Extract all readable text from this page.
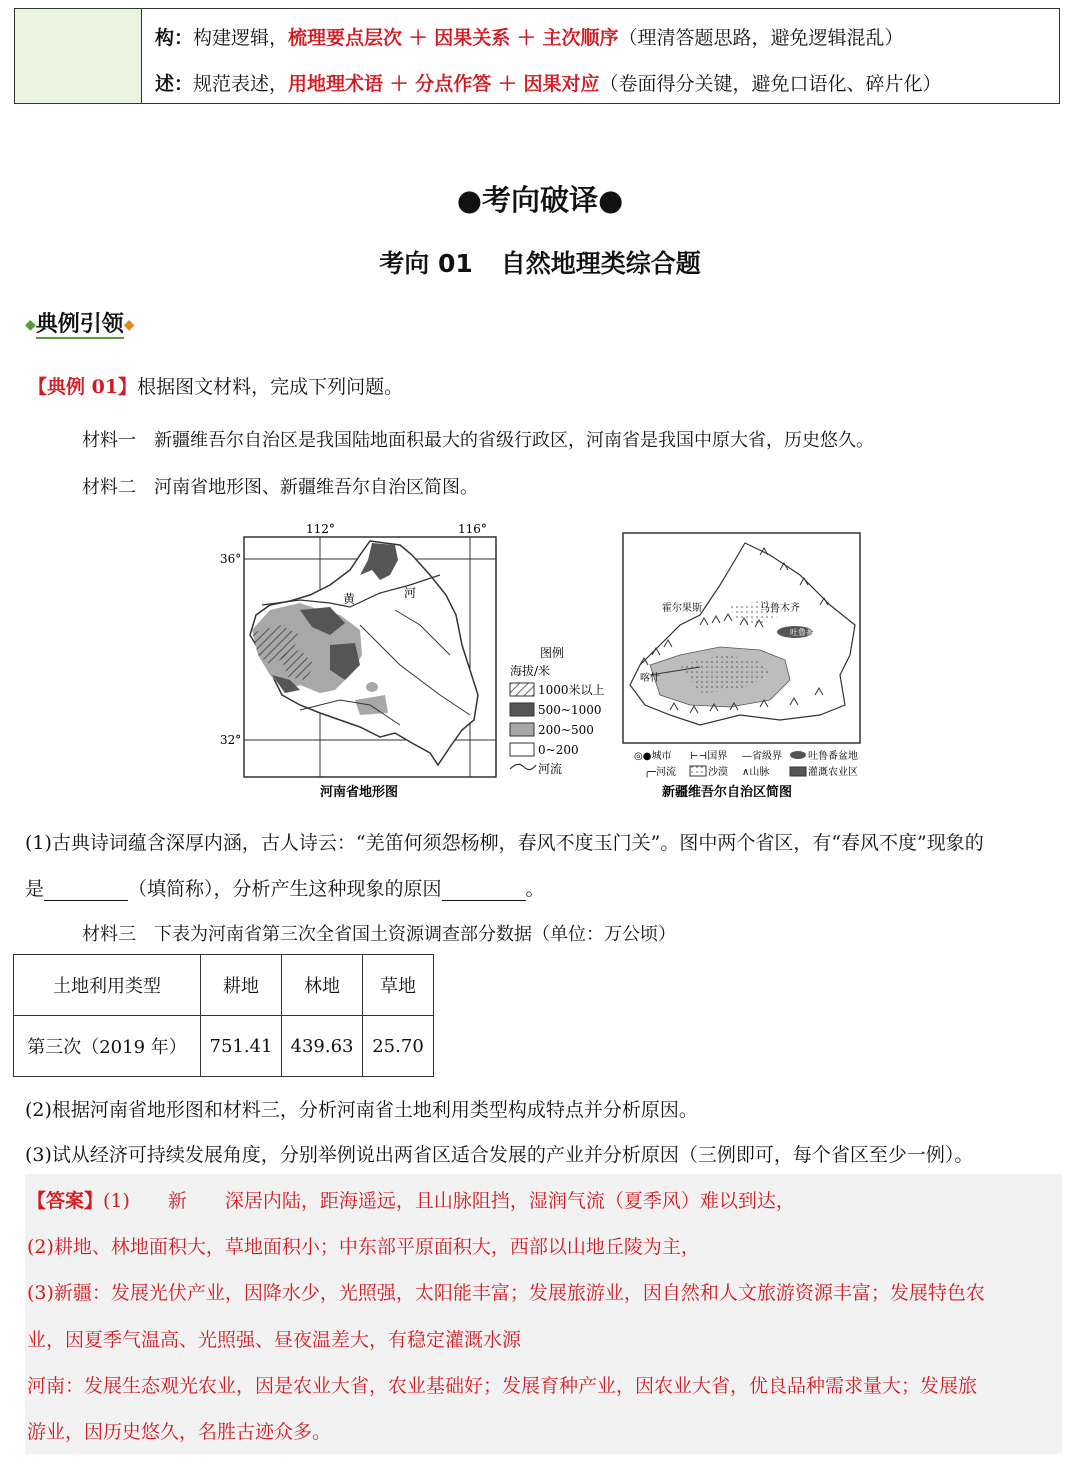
构：构建逻辑，梳理要点层次 ＋ 因果关系 ＋ 主次顺序（理清答题思路，避免逻辑混乱）
述：规范表述，用地理术语 ＋ 分点作答 ＋ 因果对应（卷面得分关键，避免口语化、碎片化）
●考向破译●
考向 01 自然地理类综合题
◆典例引领◆
【典例 01】根据图文材料，完成下列问题。
材料一　新疆维吾尔自治区是我国陆地面积最大的省级行政区，河南省是我国中原大省，历史悠久。
材料二　河南省地形图、新疆维吾尔自治区简图。
112°	116°
36°
32°
黄	河
图例
海拔/米
1000米以上
500~1000
200~500
0~200
河流
河南省地形图
霍尔果斯	乌鲁木齐
吐鲁番盆地
喀什
◎●城市 ⊢⊣国界 —省级界	吐鲁番盆地
╭─河流	沙漠 ∧山脉	灌溉农业区
新疆维吾尔自治区简图
(1)古典诗词蕴含深厚内涵，古人诗云：“羌笛何须怨杨柳，春风不度玉门关”。图中两个省区，有“春风不度”现象的
是	（填简称），分析产生这种现象的原因	。
材料三　下表为河南省第三次全省国土资源调查部分数据（单位：万公顷）
土地利用类型	耕地	林地	草地
第三次（2019 年）	751.41	439.63	25.70
(2)根据河南省地形图和材料三，分析河南省土地利用类型构成特点并分析原因。
(3)试从经济可持续发展角度，分别举例说出两省区适合发展的产业并分析原因（三例即可，每个省区至少一例）。
【答案】(1)　　新　　深居内陆，距海遥远，且山脉阻挡，湿润气流（夏季风）难以到达，
(2)耕地、林地面积大，草地面积小；中东部平原面积大，西部以山地丘陵为主，
(3)新疆：发展光伏产业，因降水少，光照强，太阳能丰富；发展旅游业，因自然和人文旅游资源丰富；发展特色农
业，因夏季气温高、光照强、昼夜温差大，有稳定灌溉水源
河南：发展生态观光农业，因是农业大省，农业基础好；发展育种产业，因农业大省，优良品种需求量大；发展旅
游业，因历史悠久，名胜古迹众多。
